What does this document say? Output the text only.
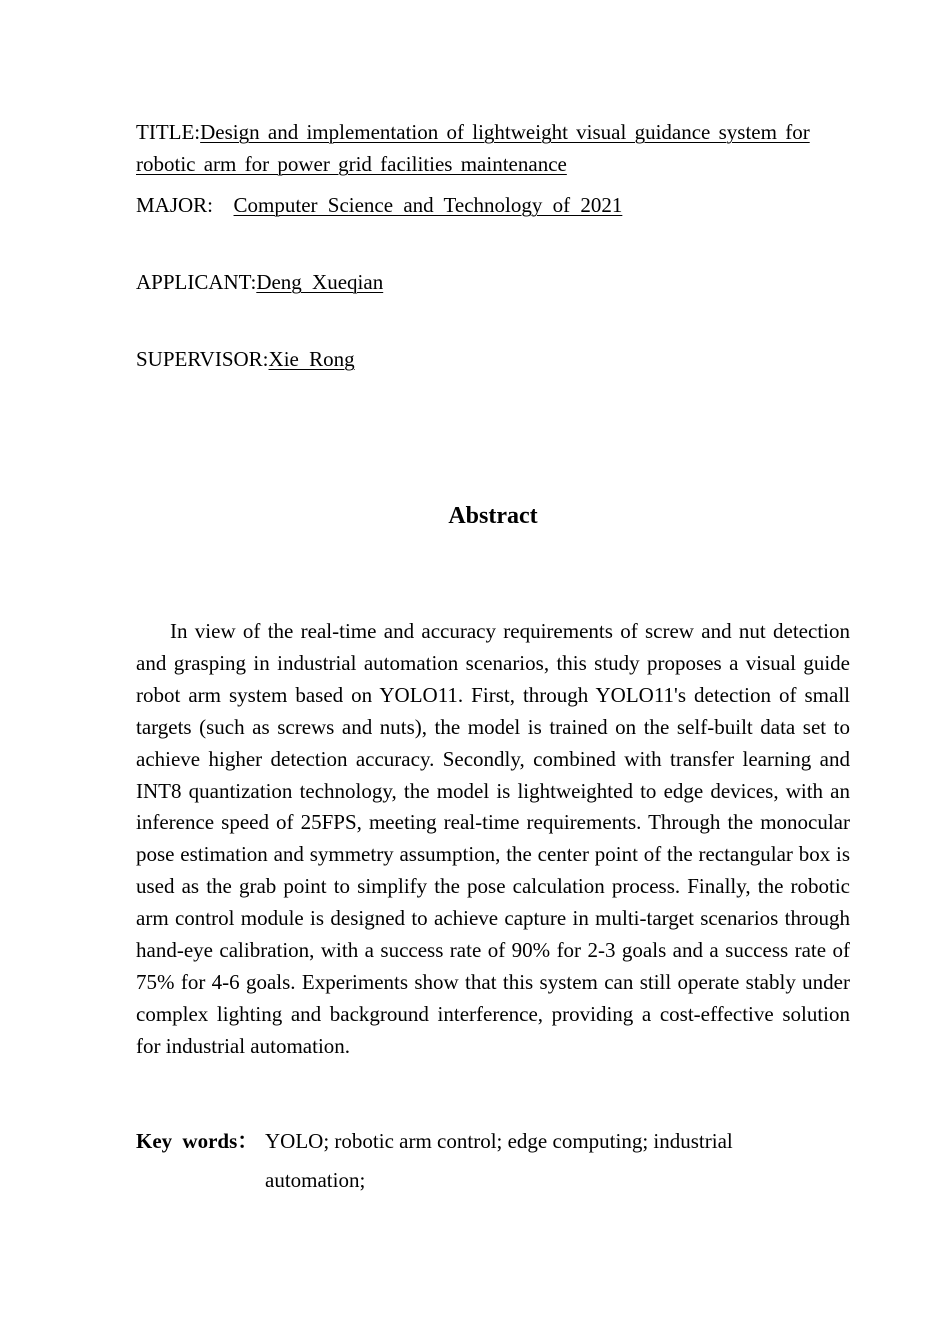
TITLE:Design and implementation of lightweight visual guidance system for robotic arm for power grid facilities maintenance
MAJOR: Computer Science and Technology of 2021
APPLICANT:Deng Xueqian
SUPERVISOR:Xie Rong
Abstract

In view of the real-time and accuracy requirements of screw and nut detection and grasping in industrial automation scenarios, this study proposes a visual guide robot arm system based on YOLO11. First, through YOLO11's detection of small targets (such as screws and nuts), the model is trained on the self-built data set to achieve higher detection accuracy. Secondly, combined with transfer learning and INT8 quantization technology, the model is lightweighted to edge devices, with an inference speed of 25FPS, meeting real-time requirements. Through the monocular pose estimation and symmetry assumption, the center point of the rectangular box is used as the grab point to simplify the pose calculation process. Finally, the robotic arm control module is designed to achieve capture in multi-target scenarios through hand-eye calibration, with a success rate of 90% for 2-3 goals and a success rate of 75% for 4-6 goals. Experiments show that this system can still operate stably under complex lighting and background interference, providing a cost-effective solution for industrial automation.

Key words： YOLO; robotic arm control; edge computing; industrial automation;
